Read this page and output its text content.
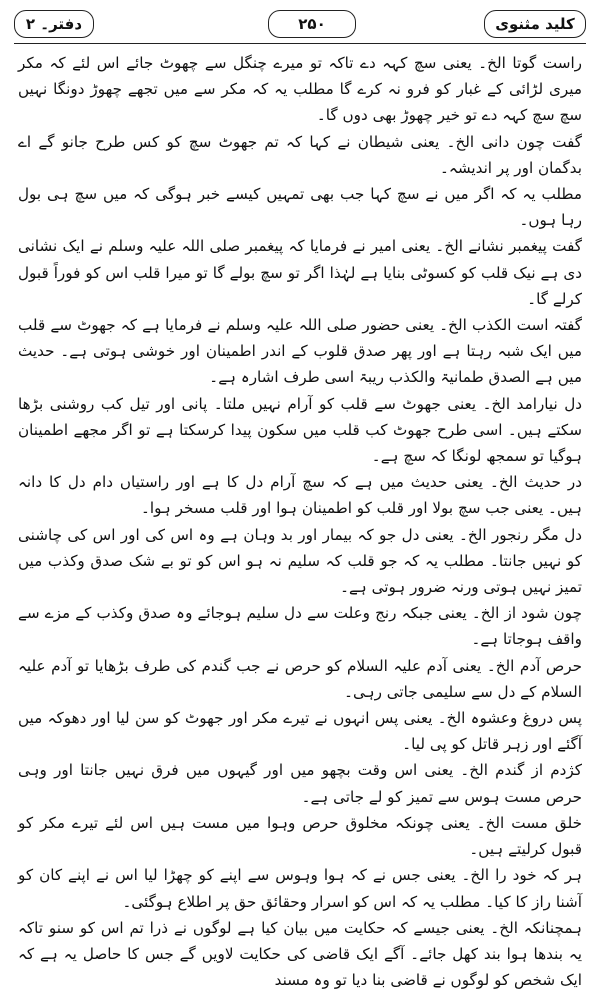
کلید مثنوی
۲۵۰
دفتر۔ ۲

راست گوتا الخ۔ یعنی سچ کہہ دے تاکہ تو میرے چنگل سے چھوٹ جائے اس لئے کہ مکر میری لڑائی کے غبار کو فرو نہ کرے گا مطلب یہ کہ مکر سے میں تجھے چھوڑ دونگا نہیں سچ سچ کہہ دے تو خیر چھوڑ بھی دوں گا۔

گفت چون دانی الخ۔ یعنی شیطان نے کہا کہ تم جھوٹ سچ کو کس طرح جانو گے اے بدگمان اور پر اندیشہ۔

مطلب یہ کہ اگر میں نے سچ کہا جب بھی تمہیں کیسے خبر ہوگی کہ میں سچ ہی بول رہا ہوں۔

گفت پیغمبر نشانے الخ۔ یعنی امیر نے فرمایا کہ پیغمبر صلی اللہ علیہ وسلم نے ایک نشانی دی ہے نیک قلب کو کسوٹی بنایا ہے لہٰذا اگر تو سچ بولے گا تو میرا قلب اس کو فوراً قبول کرلے گا۔

گفتہ است الکذب الخ۔ یعنی حضور صلی اللہ علیہ وسلم نے فرمایا ہے کہ جھوٹ سے قلب میں ایک شبہ رہتا ہے اور پھر صدق قلوب کے اندر اطمینان اور خوشی ہوتی ہے۔ حدیث میں ہے الصدق طمانیۃ والکذب ریبۃ اسی طرف اشارہ ہے۔

دل نیارامد الخ۔ یعنی جھوٹ سے قلب کو آرام نہیں ملتا۔ پانی اور تیل کب روشنی بڑھا سکتے ہیں۔ اسی طرح جھوٹ کب قلب میں سکون پیدا کرسکتا ہے تو اگر مجھے اطمینان ہوگیا تو سمجھ لونگا کہ سچ ہے۔

در حدیث الخ۔ یعنی حدیث میں ہے کہ سچ آرام دل کا ہے اور راستیاں دام دل کا دانہ ہیں۔ یعنی جب سچ بولا اور قلب کو اطمینان ہوا اور قلب مسخر ہوا۔

دل مگر رنجور الخ۔ یعنی دل جو کہ بیمار اور بد وہان ہے وہ اس کی اور اس کی چاشنی کو نہیں جانتا۔ مطلب یہ کہ جو قلب کہ سلیم نہ ہو اس کو تو بے شک صدق وکذب میں تمیز نہیں ہوتی ورنہ ضرور ہوتی ہے۔

چون شود از الخ۔ یعنی جبکہ رنج وعلت سے دل سلیم ہوجائے وہ صدق وکذب کے مزے سے واقف ہوجاتا ہے۔

حرص آدم الخ۔ یعنی آدم علیہ السلام کو حرص نے جب گندم کی طرف بڑھایا تو آدم علیہ السلام کے دل سے سلیمی جاتی رہی۔

پس دروغ وعشوہ الخ۔ یعنی پس انہوں نے تیرے مکر اور جھوٹ کو سن لیا اور دھوکہ میں آگئے اور زہر قاتل کو پی لیا۔

کژدم از گندم الخ۔ یعنی اس وقت بچھو میں اور گیہوں میں فرق نہیں جانتا اور وہی حرص مست ہوس سے تمیز کو لے جاتی ہے۔

خلق مست الخ۔ یعنی چونکہ مخلوق حرص وہوا میں مست ہیں اس لئے تیرے مکر کو قبول کرلیتے ہیں۔

ہر کہ خود را الخ۔ یعنی جس نے کہ ہوا وہوس سے اپنے کو چھڑا لیا اس نے اپنے کان کو آشنا راز کا کیا۔ مطلب یہ کہ اس کو اسرار وحقائق حق پر اطلاع ہوگئی۔

ہمچنانکہ الخ۔ یعنی جیسے کہ حکایت میں بیان کیا ہے لوگوں نے ذرا تم اس کو سنو تاکہ یہ بندھا ہوا بند کھل جائے۔ آگے ایک قاضی کی حکایت لاویں گے جس کا حاصل یہ ہے کہ ایک شخص کو لوگوں نے قاضی بنا دیا تو وہ مسند
